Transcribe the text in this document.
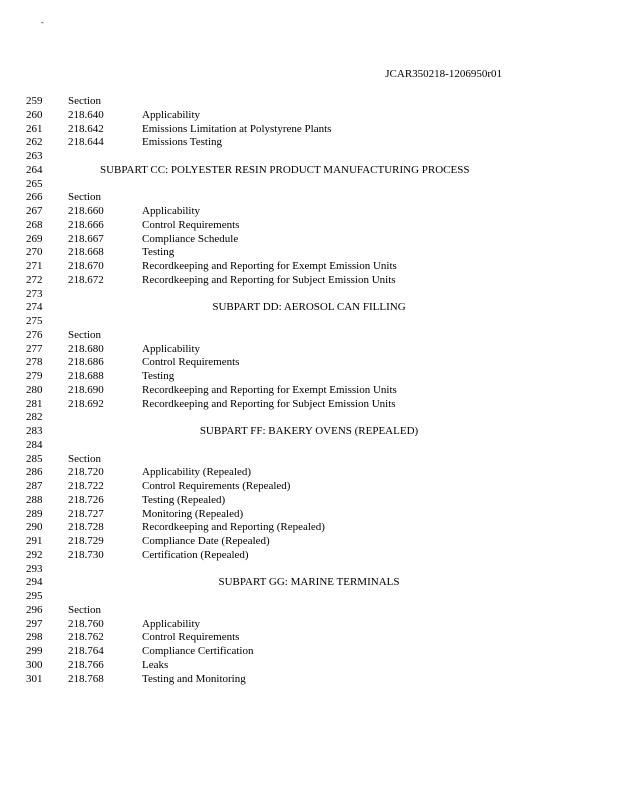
-
JCAR350218-1206950r01
259	Section
260	218.640	Applicability
261	218.642	Emissions Limitation at Polystyrene Plants
262	218.644	Emissions Testing
263
264	SUBPART CC: POLYESTER RESIN PRODUCT MANUFACTURING PROCESS
265
266	Section
267	218.660	Applicability
268	218.666	Control Requirements
269	218.667	Compliance Schedule
270	218.668	Testing
271	218.670	Recordkeeping and Reporting for Exempt Emission Units
272	218.672	Recordkeeping and Reporting for Subject Emission Units
273
274	SUBPART DD: AEROSOL CAN FILLING
275
276	Section
277	218.680	Applicability
278	218.686	Control Requirements
279	218.688	Testing
280	218.690	Recordkeeping and Reporting for Exempt Emission Units
281	218.692	Recordkeeping and Reporting for Subject Emission Units
282
283	SUBPART FF: BAKERY OVENS (REPEALED)
284
285	Section
286	218.720	Applicability (Repealed)
287	218.722	Control Requirements (Repealed)
288	218.726	Testing (Repealed)
289	218.727	Monitoring (Repealed)
290	218.728	Recordkeeping and Reporting (Repealed)
291	218.729	Compliance Date (Repealed)
292	218.730	Certification (Repealed)
293
294	SUBPART GG: MARINE TERMINALS
295
296	Section
297	218.760	Applicability
298	218.762	Control Requirements
299	218.764	Compliance Certification
300	218.766	Leaks
301	218.768	Testing and Monitoring
